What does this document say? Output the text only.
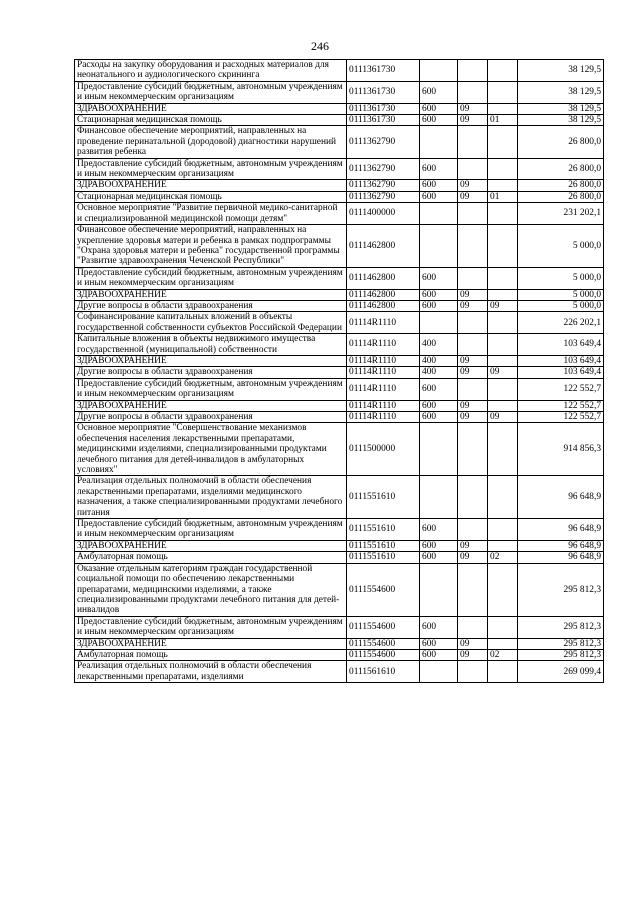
246
Расходы на закупку оборудования и расходных материалов для неонатального и аудиологического скрининга	0111361730				38 129,5
Предоставление субсидий бюджетным, автономным учреждениям и иным некоммерческим организациям	0111361730	600			38 129,5
ЗДРАВООХРАНЕНИЕ	0111361730	600	09		38 129,5
Стационарная медицинская помощь	0111361730	600	09	01	38 129,5
Финансовое обеспечение мероприятий, направленных на проведение перинатальной (дородовой) диагностики нарушений развития ребенка	0111362790				26 800,0
Предоставление субсидий бюджетным, автономным учреждениям и иным некоммерческим организациям	0111362790	600			26 800,0
ЗДРАВООХРАНЕНИЕ	0111362790	600	09		26 800,0
Стационарная медицинская помощь	0111362790	600	09	01	26 800,0
Основное мероприятие "Развитие первичной медико-санитарной и специализированной медицинской помощи детям"	0111400000				231 202,1
Финансовое обеспечение мероприятий, направленных на укрепление здоровья матери и ребенка в рамках подпрограммы "Охрана здоровья матери и ребенка" государственной программы "Развитие здравоохранения Чеченской Республики"	0111462800				5 000,0
Предоставление субсидий бюджетным, автономным учреждениям и иным некоммерческим организациям	0111462800	600			5 000,0
ЗДРАВООХРАНЕНИЕ	0111462800	600	09		5 000,0
Другие вопросы в области здравоохранения	0111462800	600	09	09	5 000,0
Софинансирование капитальных вложений в объекты государственной собственности субъектов Российской Федерации	01114R1110				226 202,1
Капитальные вложения в объекты недвижимого имущества государственной (муниципальной) собственности	01114R1110	400			103 649,4
ЗДРАВООХРАНЕНИЕ	01114R1110	400	09		103 649,4
Другие вопросы в области здравоохранения	01114R1110	400	09	09	103 649,4
Предоставление субсидий бюджетным, автономным учреждениям и иным некоммерческим организациям	01114R1110	600			122 552,7
ЗДРАВООХРАНЕНИЕ	01114R1110	600	09		122 552,7
Другие вопросы в области здравоохранения	01114R1110	600	09	09	122 552,7
Основное мероприятие "Совершенствование механизмов обеспечения населения лекарственными препаратами, медицинскими изделиями, специализированными продуктами лечебного питания для детей-инвалидов в амбулаторных условиях"	0111500000				914 856,3
Реализация отдельных полномочий в области обеспечения лекарственными препаратами, изделиями медицинского назначения, а также специализированными продуктами лечебного питания	0111551610				96 648,9
Предоставление субсидий бюджетным, автономным учреждениям и иным некоммерческим организациям	0111551610	600			96 648,9
ЗДРАВООХРАНЕНИЕ	0111551610	600	09		96 648,9
Амбулаторная помощь	0111551610	600	09	02	96 648,9
Оказание отдельным категориям граждан государственной социальной помощи по обеспечению лекарственными препаратами, медицинскими изделиями, а также специализированными продуктами лечебного питания для детей-инвалидов	0111554600				295 812,3
Предоставление субсидий бюджетным, автономным учреждениям и иным некоммерческим организациям	0111554600	600			295 812,3
ЗДРАВООХРАНЕНИЕ	0111554600	600	09		295 812,3
Амбулаторная помощь	0111554600	600	09	02	295 812,3
Реализация отдельных полномочий в области обеспечения лекарственными препаратами, изделиями	0111561610				269 099,4
